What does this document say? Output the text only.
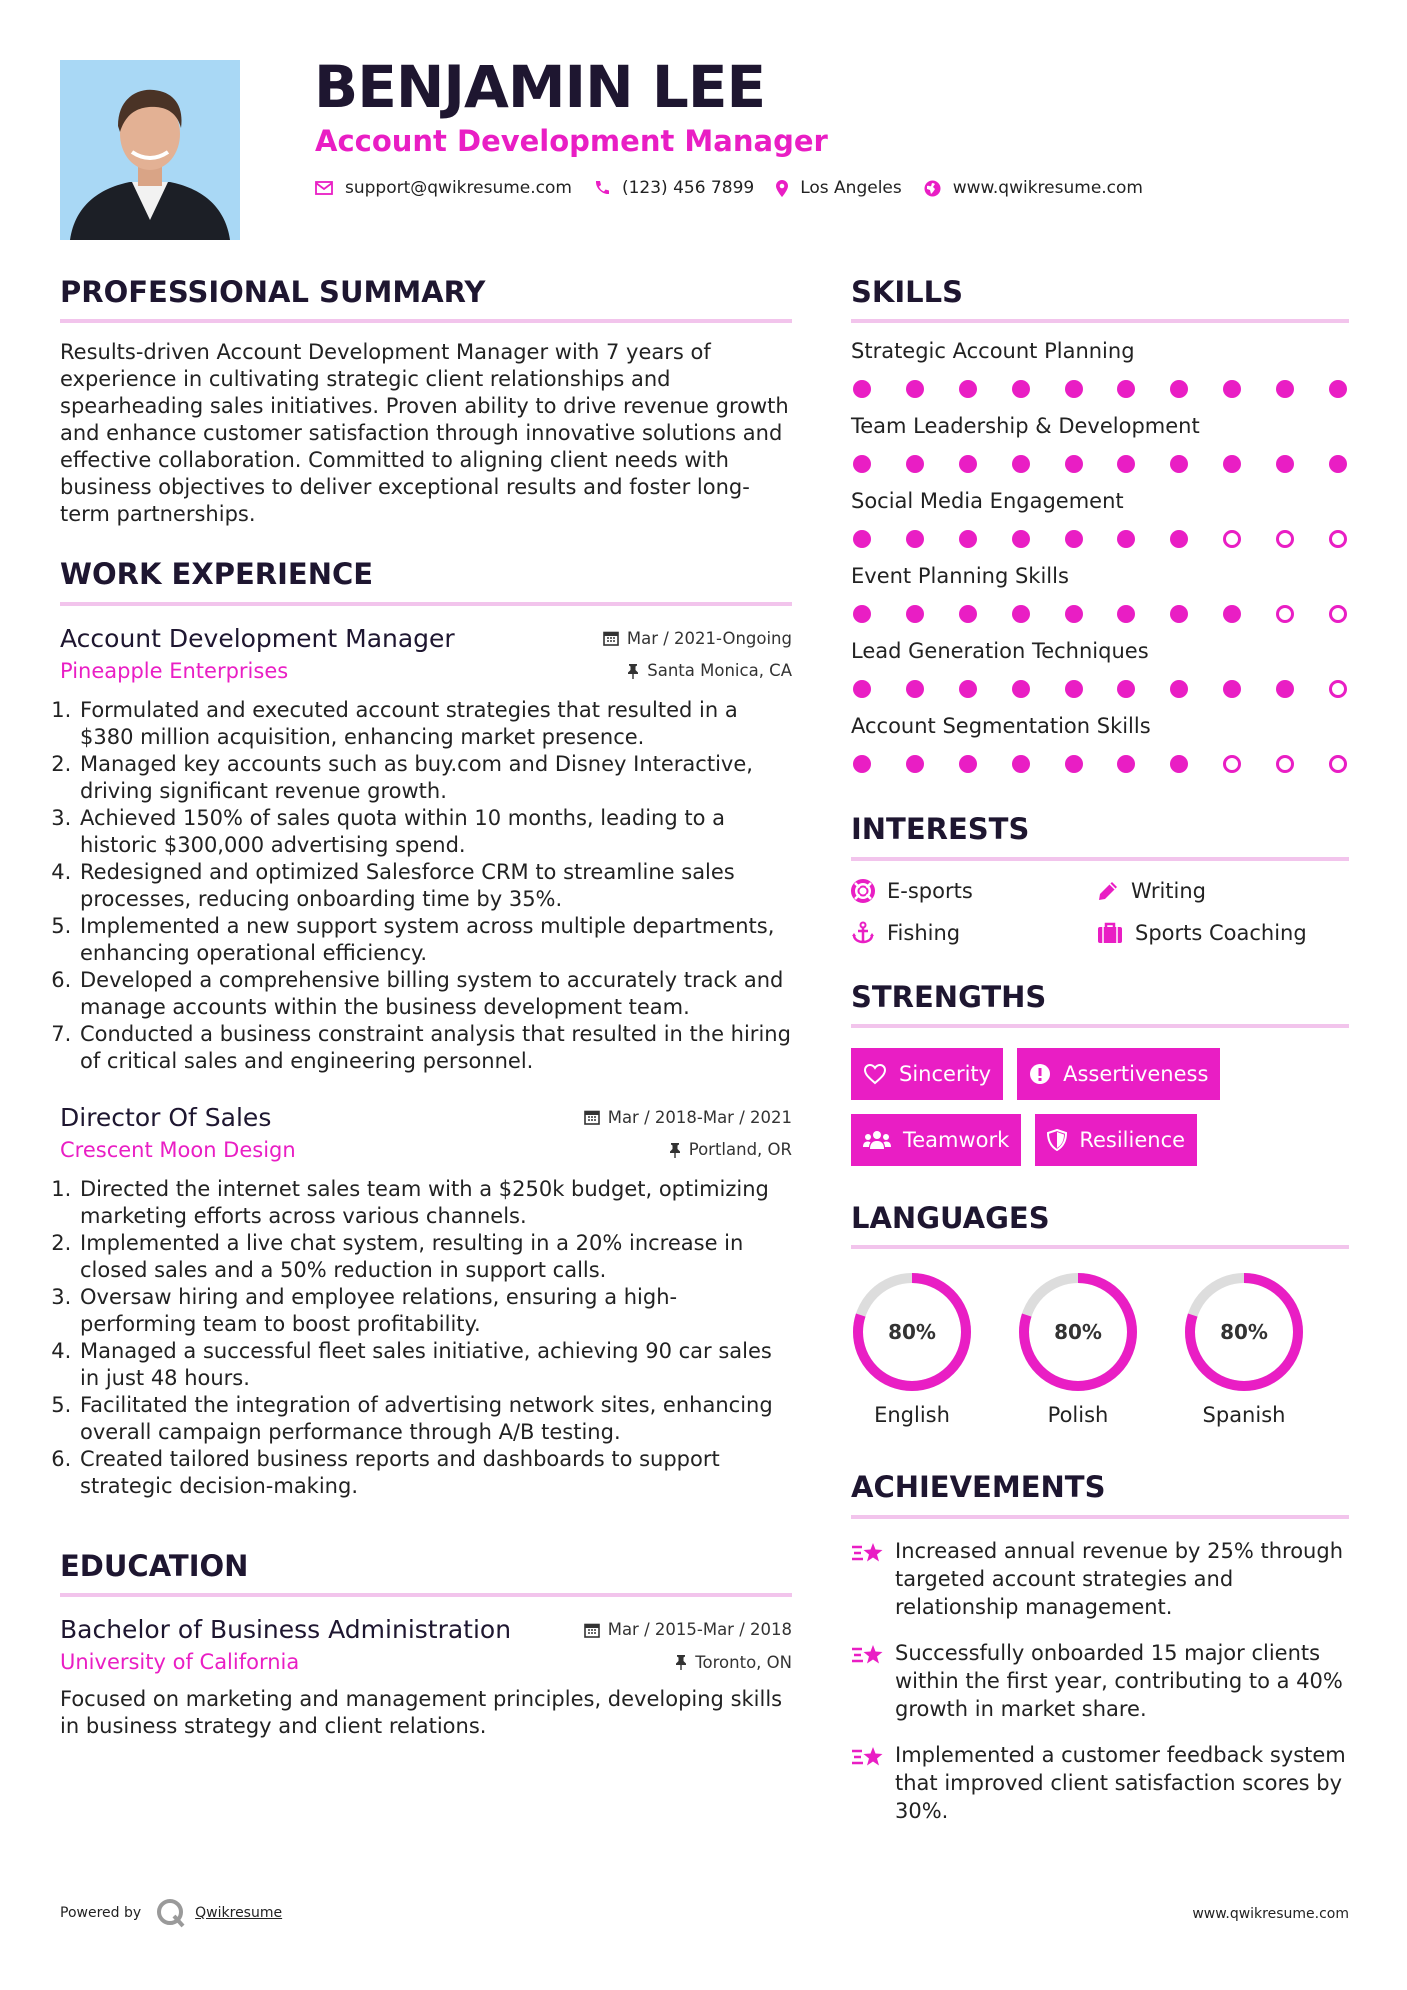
BENJAMIN LEE
Account Development Manager
support@qwikresume.com	(123) 456 7899	Los Angeles	www.qwikresume.com
PROFESSIONAL SUMMARY

Results-driven Account Development Manager with 7 years of experience in cultivating strategic client relationships and spearheading sales initiatives. Proven ability to drive revenue growth and enhance customer satisfaction through innovative solutions and effective collaboration. Committed to aligning client needs with business objectives to deliver exceptional results and foster long-term partnerships.

WORK EXPERIENCE
Account Development Manager	Mar / 2021-Ongoing
Pineapple Enterprises	Santa Monica, CA
1. Formulated and executed account strategies that resulted in a $380 million acquisition, enhancing market presence.
2. Managed key accounts such as buy.com and Disney Interactive, driving significant revenue growth.
3. Achieved 150% of sales quota within 10 months, leading to a historic $300,000 advertising spend.
4. Redesigned and optimized Salesforce CRM to streamline sales processes, reducing onboarding time by 35%.
5. Implemented a new support system across multiple departments, enhancing operational efficiency.
6. Developed a comprehensive billing system to accurately track and manage accounts within the business development team.
7. Conducted a business constraint analysis that resulted in the hiring of critical sales and engineering personnel.
Director Of Sales	Mar / 2018-Mar / 2021
Crescent Moon Design	Portland, OR
1. Directed the internet sales team with a $250k budget, optimizing marketing efforts across various channels.
2. Implemented a live chat system, resulting in a 20% increase in closed sales and a 50% reduction in support calls.
3. Oversaw hiring and employee relations, ensuring a high-performing team to boost profitability.
4. Managed a successful fleet sales initiative, achieving 90 car sales in just 48 hours.
5. Facilitated the integration of advertising network sites, enhancing overall campaign performance through A/B testing.
6. Created tailored business reports and dashboards to support strategic decision-making.
EDUCATION
Bachelor of Business Administration	Mar / 2015-Mar / 2018
University of California	Toronto, ON
Focused on marketing and management principles, developing skills in business strategy and client relations.
SKILLS
Strategic Account Planning
Team Leadership & Development
Social Media Engagement
Event Planning Skills
Lead Generation Techniques
Account Segmentation Skills
INTERESTS
E-sports	Writing
Fishing	Sports Coaching
STRENGTHS
Sincerity	Assertiveness
Teamwork	Resilience
LANGUAGES
80%
English
80%
Polish
80%
Spanish
ACHIEVEMENTS
Increased annual revenue by 25% through targeted account strategies and relationship management.
Successfully onboarded 15 major clients within the first year, contributing to a 40% growth in market share.
Implemented a customer feedback system that improved client satisfaction scores by 30%.
Powered by	Qwikresume	www.qwikresume.com
